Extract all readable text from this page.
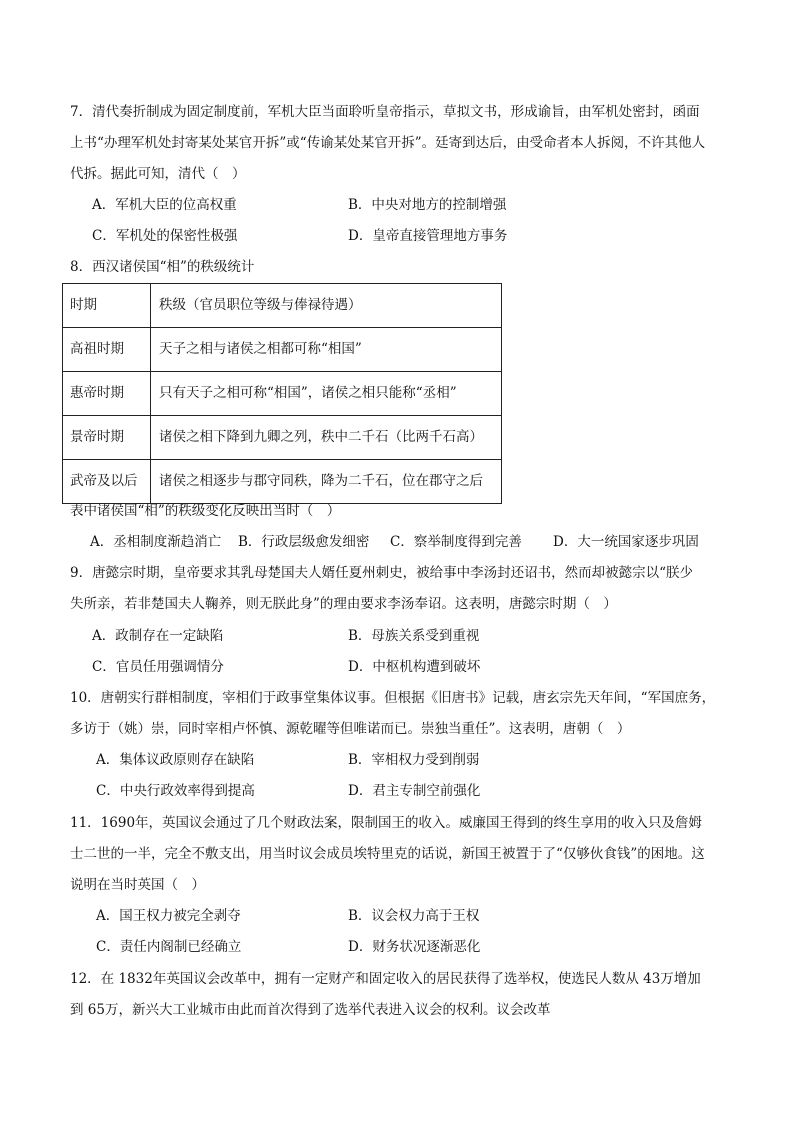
7．清代奏折制成为固定制度前，军机大臣当面聆听皇帝指示，草拟文书，形成谕旨，由军机处密封，函面
上书“办理军机处封寄某处某官开拆”或“传谕某处某官开拆”。廷寄到达后，由受命者本人拆阅，不许其他人
代拆。据此可知，清代（　）
A．军机大臣的位高权重	B．中央对地方的控制增强
C．军机处的保密性极强	D．皇帝直接管理地方事务
8．西汉诸侯国“相”的秩级统计
时期	秩级（官员职位等级与俸禄待遇）
高祖时期	天子之相与诸侯之相都可称“相国”
惠帝时期	只有天子之相可称“相国”，诸侯之相只能称“丞相”
景帝时期	诸侯之相下降到九卿之列，秩中二千石（比两千石高）
武帝及以后	诸侯之相逐步与郡守同秩，降为二千石，位在郡守之后
表中诸侯国“相”的秩级变化反映出当时（　）
A．丞相制度渐趋消亡 B．行政层级愈发细密 C．察举制度得到完善 D．大一统国家逐步巩固
9．唐懿宗时期，皇帝要求其乳母楚国夫人婿任夏州刺史，被给事中李汤封还诏书，然而却被懿宗以“朕少
失所亲，若非楚国夫人鞠养，则无朕此身”的理由要求李汤奉诏。这表明，唐懿宗时期（　）
A．政制存在一定缺陷	B．母族关系受到重视
C．官员任用强调情分	D．中枢机构遭到破坏
10．唐朝实行群相制度，宰相们于政事堂集体议事。但根据《旧唐书》记载，唐玄宗先天年间，“军国庶务，
多访于（姚）崇，同时宰相卢怀慎、源乾曜等但唯诺而已。崇独当重任”。这表明，唐朝（　）
A．集体议政原则存在缺陷	B．宰相权力受到削弱
C．中央行政效率得到提高	D．君主专制空前强化
11．1690年，英国议会通过了几个财政法案，限制国王的收入。威廉国王得到的终生享用的收入只及詹姆
士二世的一半，完全不敷支出，用当时议会成员埃特里克的话说，新国王被置于了“仅够伙食钱”的困地。这
说明在当时英国（　）
A．国王权力被完全剥夺	B．议会权力高于王权
C．责任内阁制已经确立	D．财务状况逐渐恶化
12．在 1832年英国议会改革中，拥有一定财产和固定收入的居民获得了选举权，使选民人数从 43万增加
到 65万，新兴大工业城市由此而首次得到了选举代表进入议会的权利。议会改革
